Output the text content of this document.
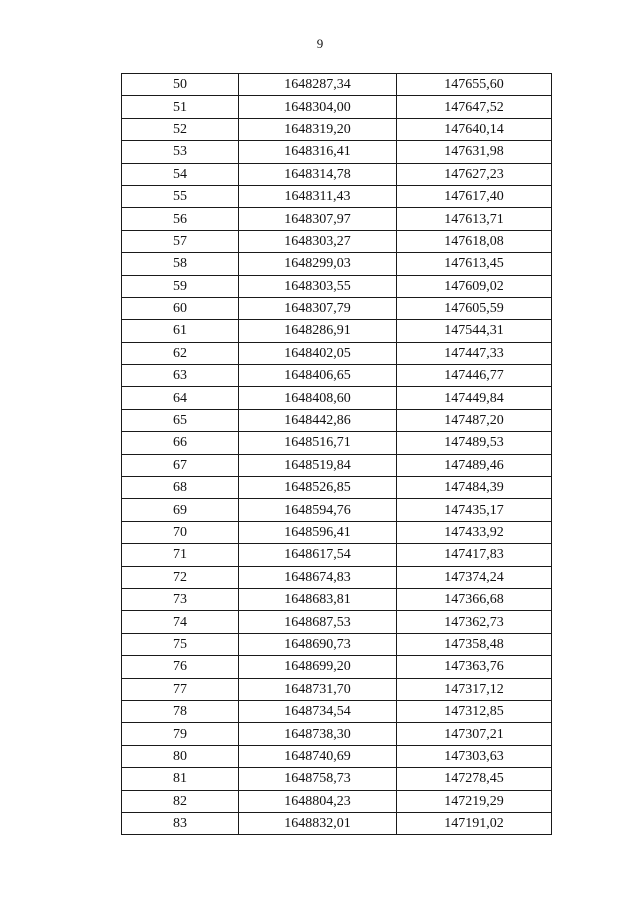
9
50	1648287,34	147655,60
51	1648304,00	147647,52
52	1648319,20	147640,14
53	1648316,41	147631,98
54	1648314,78	147627,23
55	1648311,43	147617,40
56	1648307,97	147613,71
57	1648303,27	147618,08
58	1648299,03	147613,45
59	1648303,55	147609,02
60	1648307,79	147605,59
61	1648286,91	147544,31
62	1648402,05	147447,33
63	1648406,65	147446,77
64	1648408,60	147449,84
65	1648442,86	147487,20
66	1648516,71	147489,53
67	1648519,84	147489,46
68	1648526,85	147484,39
69	1648594,76	147435,17
70	1648596,41	147433,92
71	1648617,54	147417,83
72	1648674,83	147374,24
73	1648683,81	147366,68
74	1648687,53	147362,73
75	1648690,73	147358,48
76	1648699,20	147363,76
77	1648731,70	147317,12
78	1648734,54	147312,85
79	1648738,30	147307,21
80	1648740,69	147303,63
81	1648758,73	147278,45
82	1648804,23	147219,29
83	1648832,01	147191,02
